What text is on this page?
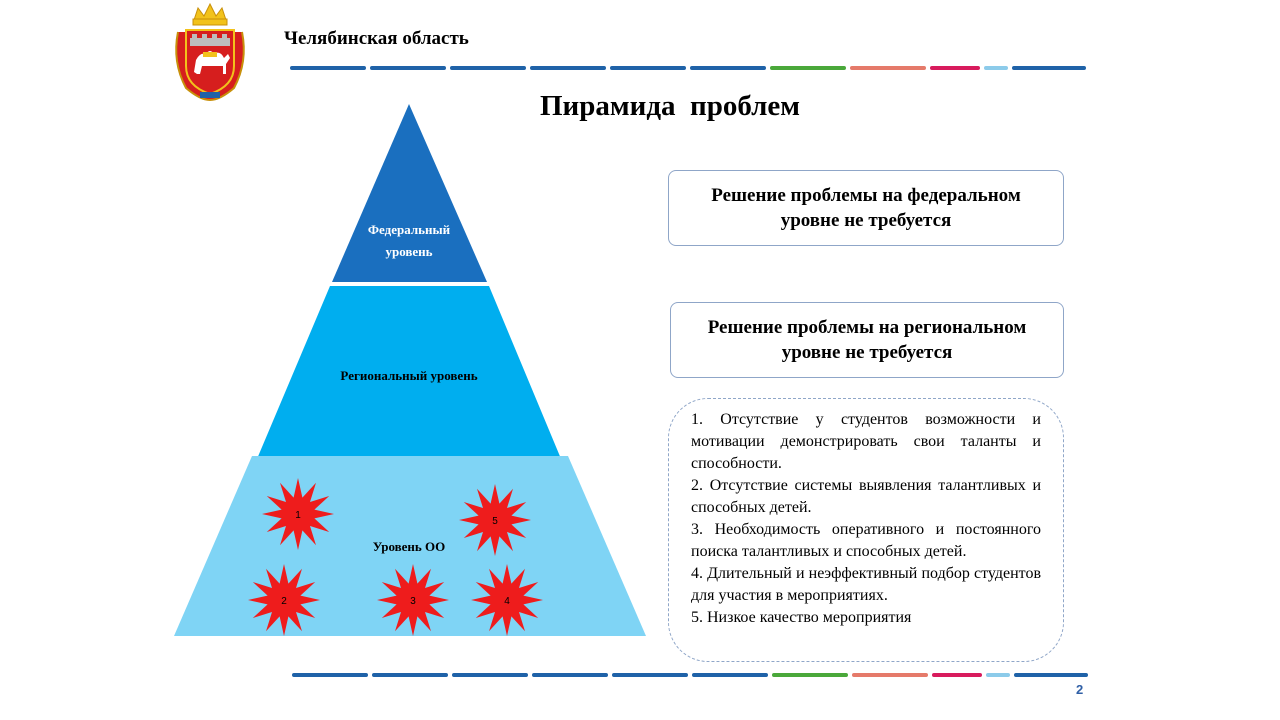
Челябинская область
Пирамида  проблем
Федеральный
уровень
Региональный уровень
Уровень ОО
1
2	3	4
5
Решение проблемы на федеральном уровне не требуется
Решение проблемы на региональном уровне не требуется

1. Отсутствие у студентов возможности и мотивации демонстрировать свои таланты и способности.

2. Отсутствие системы выявления талантливых и способных детей.

3. Необходимость оперативного и постоянного поиска талантливых и способных детей.

4. Длительный и неэффективный подбор студентов для участия в мероприятиях.

5. Низкое качество мероприятия

2
